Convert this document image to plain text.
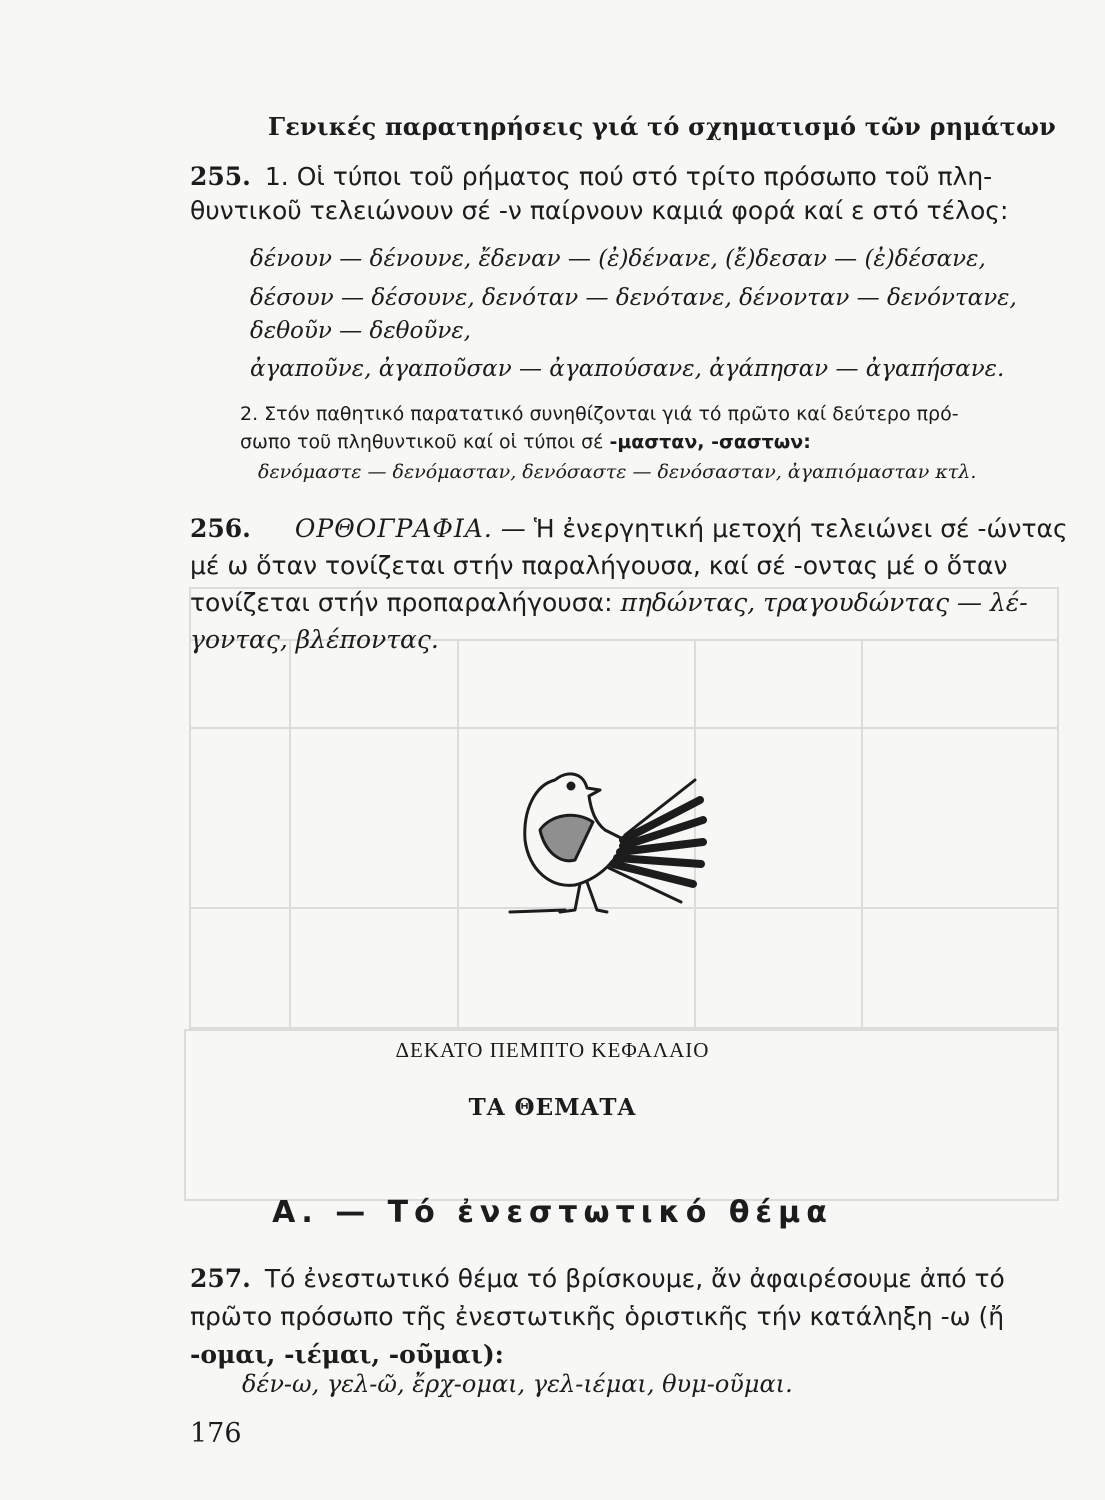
Γενικές παρατηρήσεις γιά τό σχηματισμό τῶν ρημάτων
255. 1. Οἱ τύποι τοῦ ρήματος πού στό τρίτο πρόσωπο τοῦ πλη-
θυντικοῦ τελειώνουν σέ -ν παίρνουν καμιά φορά καί ε στό τέλος:
δένουν — δένουνε, ἔδεναν — (ἐ)δένανε, (ἔ)δεσαν — (ἐ)δέσανε,
δέσουν — δέσουνε, δενόταν — δενότανε, δένονταν — δενόντανε,
δεθοῦν — δεθοῦνε,
ἀγαποῦνε, ἀγαποῦσαν — ἀγαπούσανε, ἀγάπησαν — ἀγαπήσανε.
2. Στόν παθητικό παρατατικό συνηθίζονται γιά τό πρῶτο καί δεύτερο πρό-
σωπο τοῦ πληθυντικοῦ καί οἱ τύποι σέ -μασταν, -σαστων:
δενόμαστε — δενόμασταν, δενόσαστε — δενόσασταν, ἀγαπιόμασταν κτλ.
256. ΟΡΘΟΓΡΑΦΙΑ. — Ἡ ἐνεργητική μετοχή τελειώνει σέ -ώντας
μέ ω ὅταν τονίζεται στήν παραλήγουσα, καί σέ -οντας μέ ο ὅταν
τονίζεται στήν προπαραλήγουσα: πηδώντας, τραγουδώντας — λέ-
γοντας, βλέποντας.
ΔΕΚΑΤΟ ΠΕΜΠΤΟ ΚΕΦΑΛΑΙΟ
ΤΑ ΘΕΜΑΤΑ
Α. — Τό ἐνεστωτικό θέμα
257. Τό ἐνεστωτικό θέμα τό βρίσκουμε, ἄν ἀφαιρέσουμε ἀπό τό
πρῶτο πρόσωπο τῆς ἐνεστωτικῆς ὁριστικῆς τήν κατάληξη -ω (ἤ
-ομαι, -ιέμαι, -οῦμαι):
δέν-ω, γελ-ῶ, ἔρχ-ομαι, γελ-ιέμαι, θυμ-οῦμαι.
176
